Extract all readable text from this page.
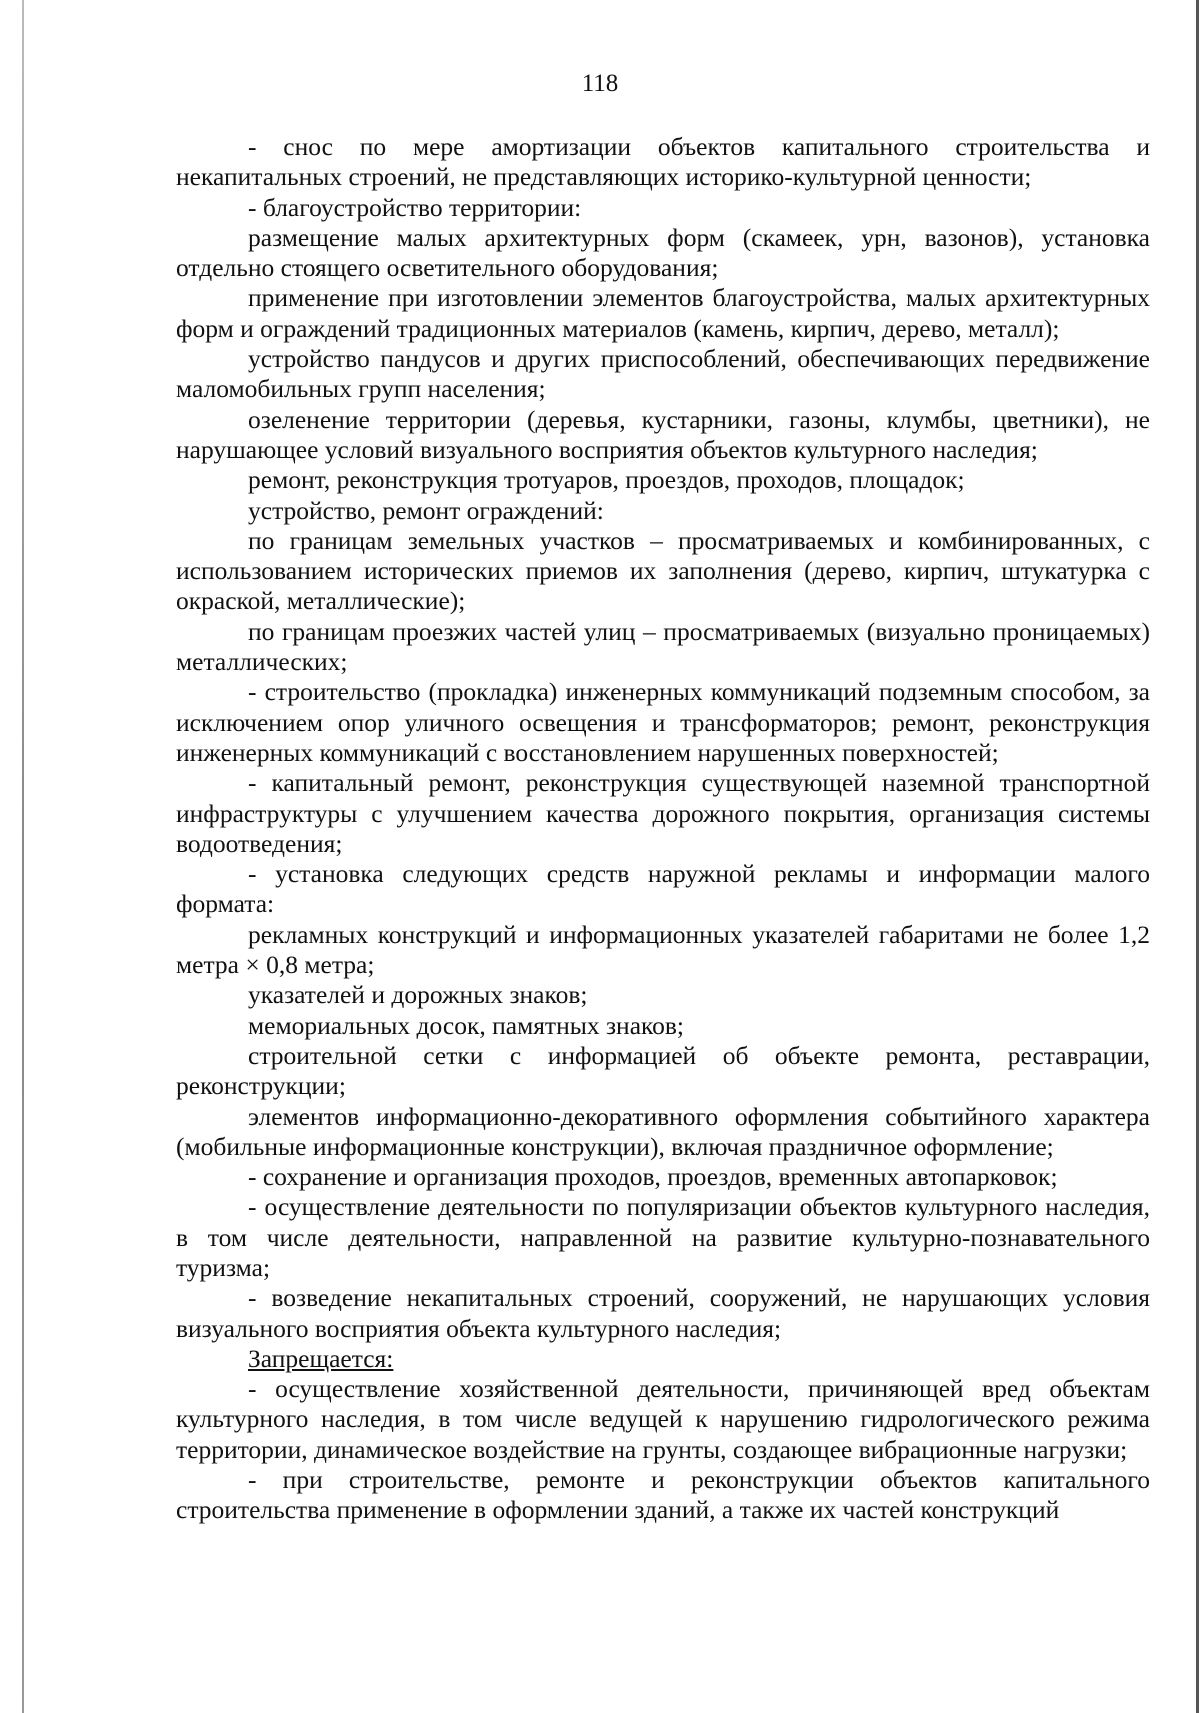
118

- снос по мере амортизации объектов капитального строительства и некапитальных строений, не представляющих историко-культурной ценности;

- благоустройство территории:

размещение малых архитектурных форм (скамеек, урн, вазонов), установка отдельно стоящего осветительного оборудования;

применение при изготовлении элементов благоустройства, малых архитектурных форм и ограждений традиционных материалов (камень, кирпич, дерево, металл);

устройство пандусов и других приспособлений, обеспечивающих передвижение маломобильных групп населения;

озеленение территории (деревья, кустарники, газоны, клумбы, цветники), не нарушающее условий визуального восприятия объектов культурного наследия;

ремонт, реконструкция тротуаров, проездов, проходов, площадок;

устройство, ремонт ограждений:

по границам земельных участков – просматриваемых и комбинированных, с использованием исторических приемов их заполнения (дерево, кирпич, штукатурка с окраской, металлические);

по границам проезжих частей улиц – просматриваемых (визуально проницаемых) металлических;

- строительство (прокладка) инженерных коммуникаций подземным способом, за исключением опор уличного освещения и трансформаторов; ремонт, реконструкция инженерных коммуникаций с восстановлением нарушенных поверхностей;

- капитальный ремонт, реконструкция существующей наземной транспортной инфраструктуры с улучшением качества дорожного покрытия, организация системы водоотведения;

- установка следующих средств наружной рекламы и информации малого формата:

рекламных конструкций и информационных указателей габаритами не более 1,2 метра × 0,8 метра;

указателей и дорожных знаков;

мемориальных досок, памятных знаков;

строительной сетки с информацией об объекте ремонта, реставрации, реконструкции;

элементов информационно-декоративного оформления событийного характера (мобильные информационные конструкции), включая праздничное оформление;

- сохранение и организация проходов, проездов, временных автопарковок;

- осуществление деятельности по популяризации объектов культурного наследия, в том числе деятельности, направленной на развитие культурно-познавательного туризма;

- возведение некапитальных строений, сооружений, не нарушающих условия визуального восприятия объекта культурного наследия;

Запрещается:

- осуществление хозяйственной деятельности, причиняющей вред объектам культурного наследия, в том числе ведущей к нарушению гидрологического режима территории, динамическое воздействие на грунты, создающее вибрационные нагрузки;

- при строительстве, ремонте и реконструкции объектов капитального строительства применение в оформлении зданий, а также их частей конструкций
